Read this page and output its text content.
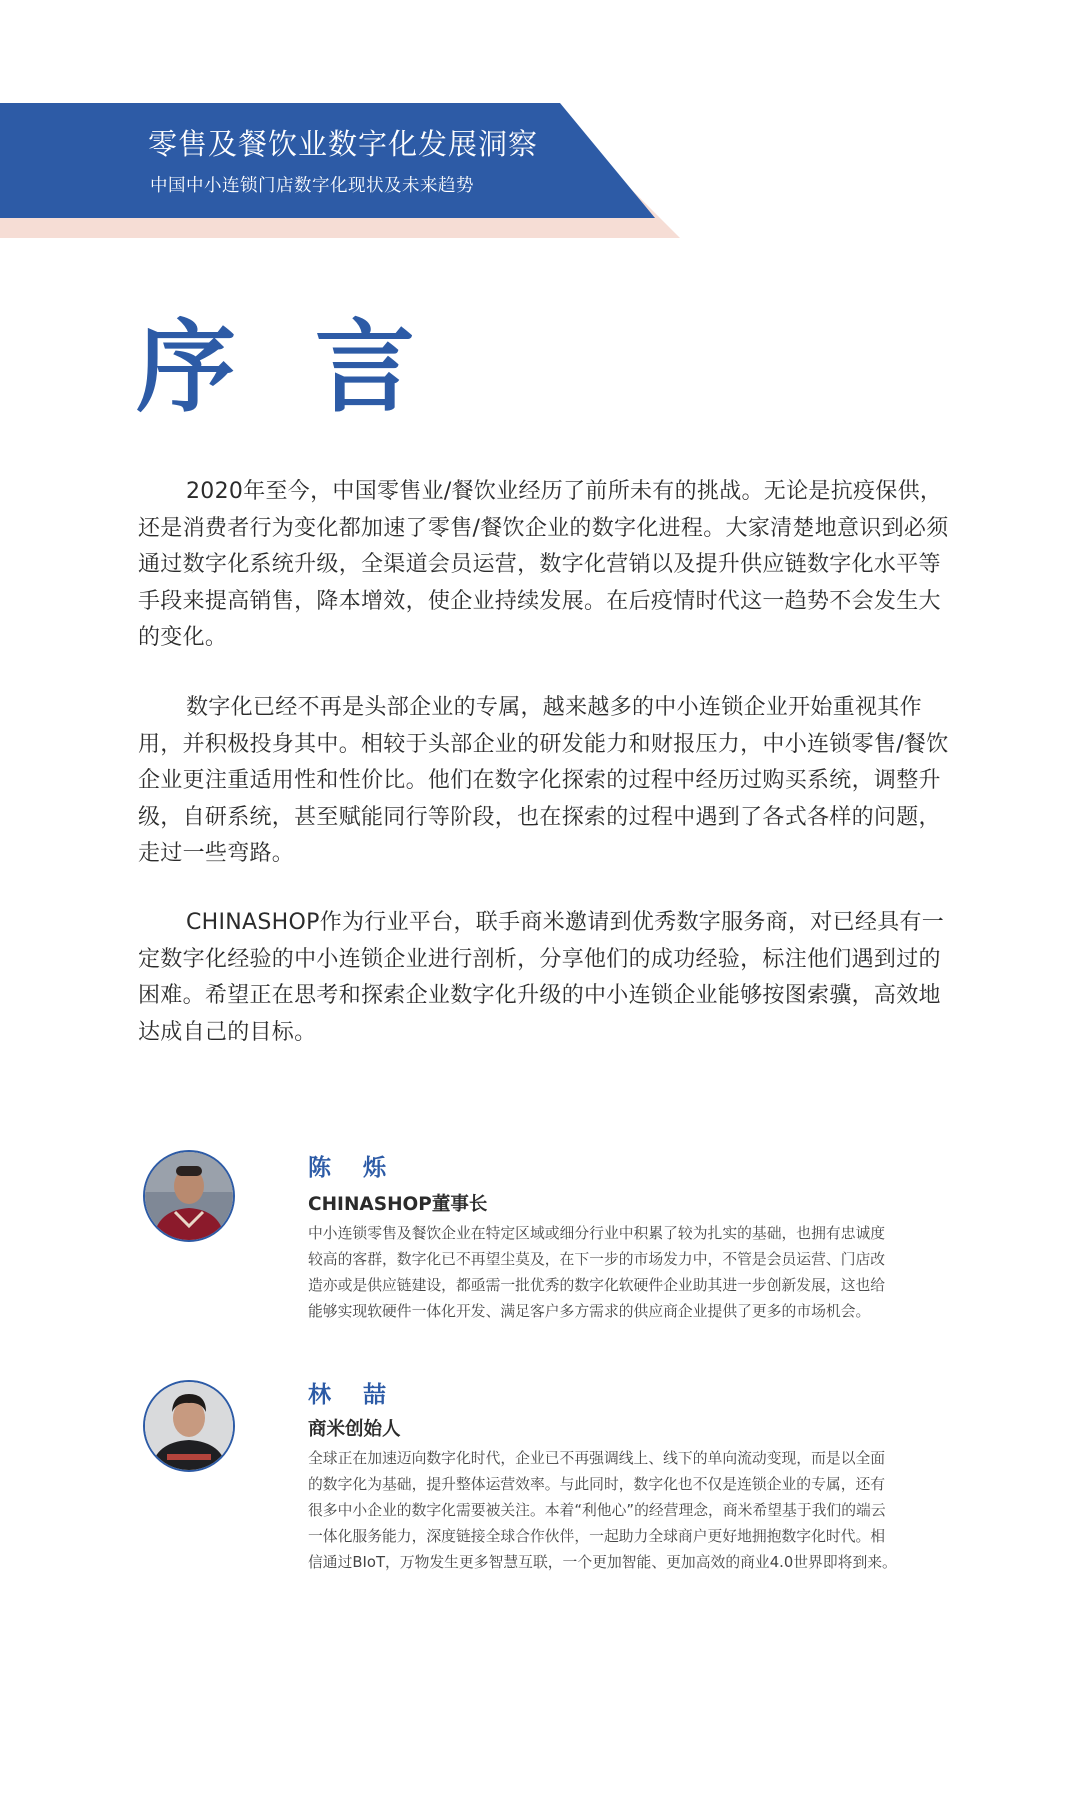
零售及餐饮业数字化发展洞察
中国中小连锁门店数字化现状及未来趋势
序 言

2020年至今，中国零售业/餐饮业经历了前所未有的挑战。无论是抗疫保供，还是消费者行为变化都加速了零售/餐饮企业的数字化进程。大家清楚地意识到必须通过数字化系统升级，全渠道会员运营，数字化营销以及提升供应链数字化水平等手段来提高销售，降本增效，使企业持续发展。在后疫情时代这一趋势不会发生大的变化。

数字化已经不再是头部企业的专属，越来越多的中小连锁企业开始重视其作用，并积极投身其中。相较于头部企业的研发能力和财报压力，中小连锁零售/餐饮企业更注重适用性和性价比。他们在数字化探索的过程中经历过购买系统，调整升级，自研系统，甚至赋能同行等阶段，也在探索的过程中遇到了各式各样的问题，走过一些弯路。

CHINASHOP作为行业平台，联手商米邀请到优秀数字服务商，对已经具有一定数字化经验的中小连锁企业进行剖析，分享他们的成功经验，标注他们遇到过的困难。希望正在思考和探索企业数字化升级的中小连锁企业能够按图索骥，高效地达成自己的目标。

陈 烁
CHINASHOP董事长

中小连锁零售及餐饮企业在特定区域或细分行业中积累了较为扎实的基础，也拥有忠诚度较高的客群，数字化已不再望尘莫及，在下一步的市场发力中，不管是会员运营、门店改造亦或是供应链建设，都亟需一批优秀的数字化软硬件企业助其进一步创新发展，这也给能够实现软硬件一体化开发、满足客户多方需求的供应商企业提供了更多的市场机会。

林 喆
商米创始人

全球正在加速迈向数字化时代，企业已不再强调线上、线下的单向流动变现，而是以全面的数字化为基础，提升整体运营效率。与此同时，数字化也不仅是连锁企业的专属，还有很多中小企业的数字化需要被关注。本着“利他心”的经营理念，商米希望基于我们的端云一体化服务能力，深度链接全球合作伙伴，一起助力全球商户更好地拥抱数字化时代。相信通过BIoT，万物发生更多智慧互联，一个更加智能、更加高效的商业4.0世界即将到来。
